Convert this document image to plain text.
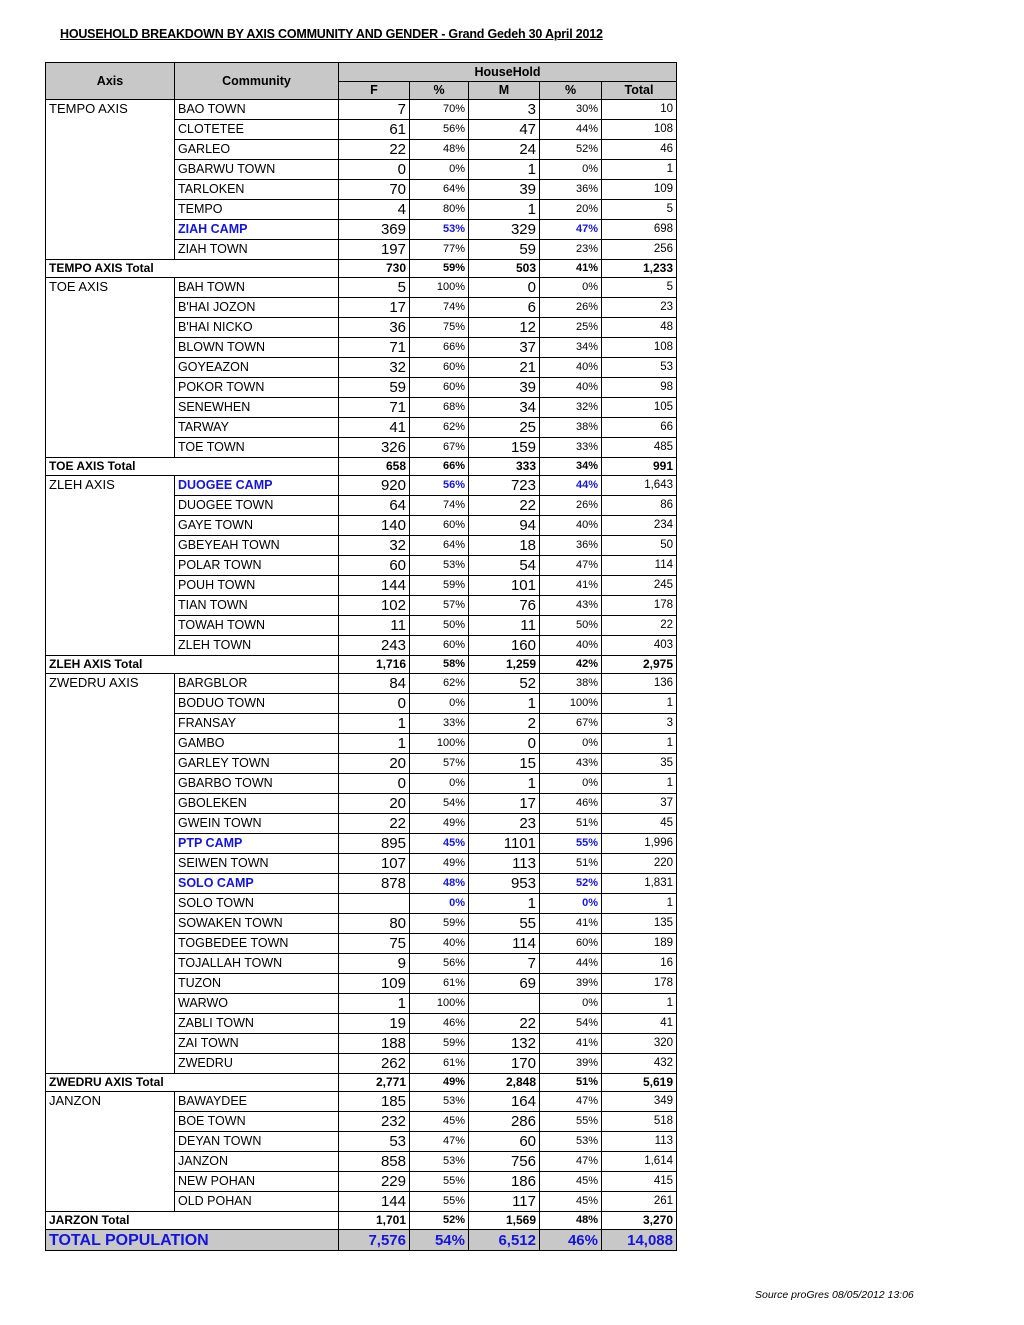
HOUSEHOLD BREAKDOWN BY AXIS COMMUNITY AND GENDER - Grand Gedeh 30 April 2012
Axis	Community	HouseHold				
		F	%	M	%	Total
TEMPO AXIS	BAO TOWN	7	70%	3	30%	10
	CLOTETEE	61	56%	47	44%	108
	GARLEO	22	48%	24	52%	46
	GBARWU TOWN	0	0%	1	0%	1
	TARLOKEN	70	64%	39	36%	109
	TEMPO	4	80%	1	20%	5
	ZIAH CAMP	369	53%	329	47%	698
	ZIAH TOWN	197	77%	59	23%	256
TEMPO AXIS Total		730	59%	503	41%	1,233
TOE AXIS	BAH TOWN	5	100%	0	0%	5
	B'HAI JOZON	17	74%	6	26%	23
	B'HAI NICKO	36	75%	12	25%	48
	BLOWN TOWN	71	66%	37	34%	108
	GOYEAZON	32	60%	21	40%	53
	POKOR TOWN	59	60%	39	40%	98
	SENEWHEN	71	68%	34	32%	105
	TARWAY	41	62%	25	38%	66
	TOE TOWN	326	67%	159	33%	485
TOE AXIS Total		658	66%	333	34%	991
ZLEH AXIS	DUOGEE CAMP	920	56%	723	44%	1,643
	DUOGEE TOWN	64	74%	22	26%	86
	GAYE TOWN	140	60%	94	40%	234
	GBEYEAH TOWN	32	64%	18	36%	50
	POLAR TOWN	60	53%	54	47%	114
	POUH TOWN	144	59%	101	41%	245
	TIAN TOWN	102	57%	76	43%	178
	TOWAH TOWN	11	50%	11	50%	22
	ZLEH TOWN	243	60%	160	40%	403
ZLEH AXIS Total		1,716	58%	1,259	42%	2,975
ZWEDRU AXIS	BARGBLOR	84	62%	52	38%	136
	BODUO TOWN	0	0%	1	100%	1
	FRANSAY	1	33%	2	67%	3
	GAMBO	1	100%	0	0%	1
	GARLEY TOWN	20	57%	15	43%	35
	GBARBO TOWN	0	0%	1	0%	1
	GBOLEKEN	20	54%	17	46%	37
	GWEIN TOWN	22	49%	23	51%	45
	PTP CAMP	895	45%	1101	55%	1,996
	SEIWEN TOWN	107	49%	113	51%	220
	SOLO CAMP	878	48%	953	52%	1,831
	SOLO TOWN		0%	1	0%	1
	SOWAKEN TOWN	80	59%	55	41%	135
	TOGBEDEE TOWN	75	40%	114	60%	189
	TOJALLAH TOWN	9	56%	7	44%	16
	TUZON	109	61%	69	39%	178
	WARWO	1	100%		0%	1
	ZABLI TOWN	19	46%	22	54%	41
	ZAI TOWN	188	59%	132	41%	320
	ZWEDRU	262	61%	170	39%	432
ZWEDRU AXIS Total		2,771	49%	2,848	51%	5,619
JANZON	BAWAYDEE	185	53%	164	47%	349
	BOE TOWN	232	45%	286	55%	518
	DEYAN TOWN	53	47%	60	53%	113
	JANZON	858	53%	756	47%	1,614
	NEW POHAN	229	55%	186	45%	415
	OLD POHAN	144	55%	117	45%	261
JARZON Total		1,701	52%	1,569	48%	3,270
TOTAL POPULATION		7,576	54%	6,512	46%	14,088
Source proGres 08/05/2012 13:06
